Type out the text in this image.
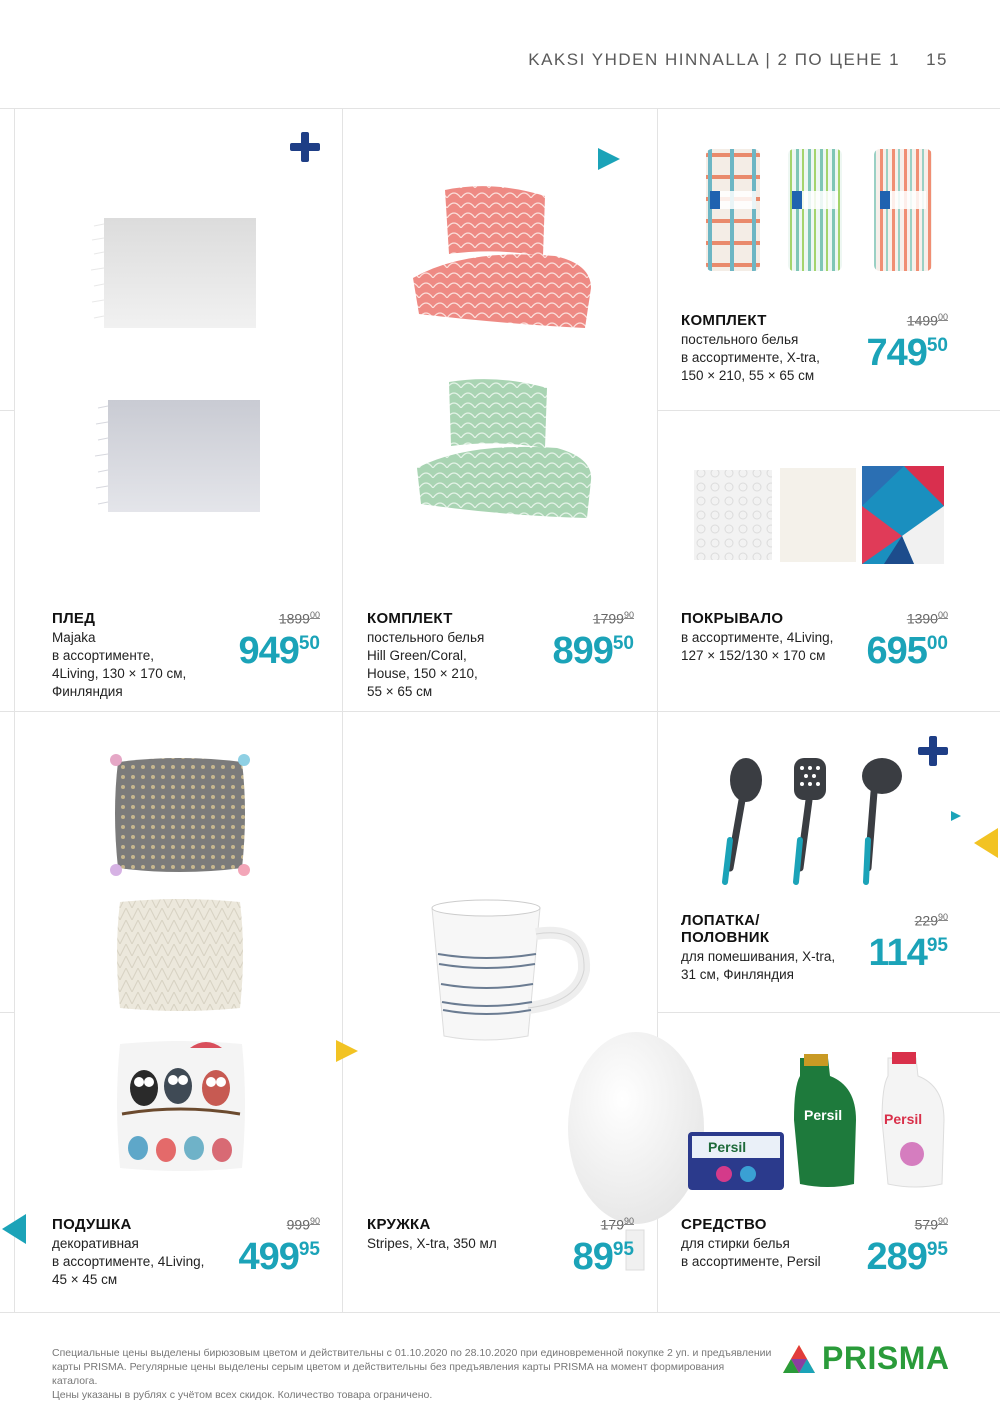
KAKSI YHDEN HINNALLA | 2 ПО ЦЕНЕ 1 15
ПЛЕД
Majaka
в ассортименте,
4Living, 130 × 170 см,
Финляндия
1899$^{00}$
$949^{50}$
КОМПЛЕКТ
постельного белья
Hill Green/Coral,
House, 150 × 210,
55 × 65 см
1799$^{90}$
$899^{50}$
КОМПЛЕКТ
постельного белья
в ассортименте, X-tra,
150 × 210, 55 × 65 см
1499$^{00}$
$749^{50}$
ПОКРЫВАЛО
в ассортименте, 4Living,
127 × 152/130 × 170 см
1390$^{00}$
$695^{00}$
ПОДУШКА
декоративная
в ассортименте, 4Living,
45 × 45 см
$999^{90}$
$499^{95}$
КРУЖКА
Stripes, X-tra, 350 мл
$179^{90}$
$89^{95}$
ЛОПАТКА/
ПОЛОВНИК
для помешивания, X-tra,
31 см, Финляндия
$229^{90}$
$114^{95}$
Persil
Persil	Persil
СРЕДСТВО
для стирки белья
в ассортименте, Persil
$579^{90}$
$289^{95}$
Специальные цены выделены бирюзовым цветом и действительны с 01.10.2020 по 28.10.2020 при единовременной покупке 2 уп. и предъявлении
карты PRISMA. Регулярные цены выделены серым цветом и действительны без предъявления карты PRISMA на момент формирования каталога.
Цены указаны в рублях с учётом всех скидок. Количество товара ограничено.
PRISMA
